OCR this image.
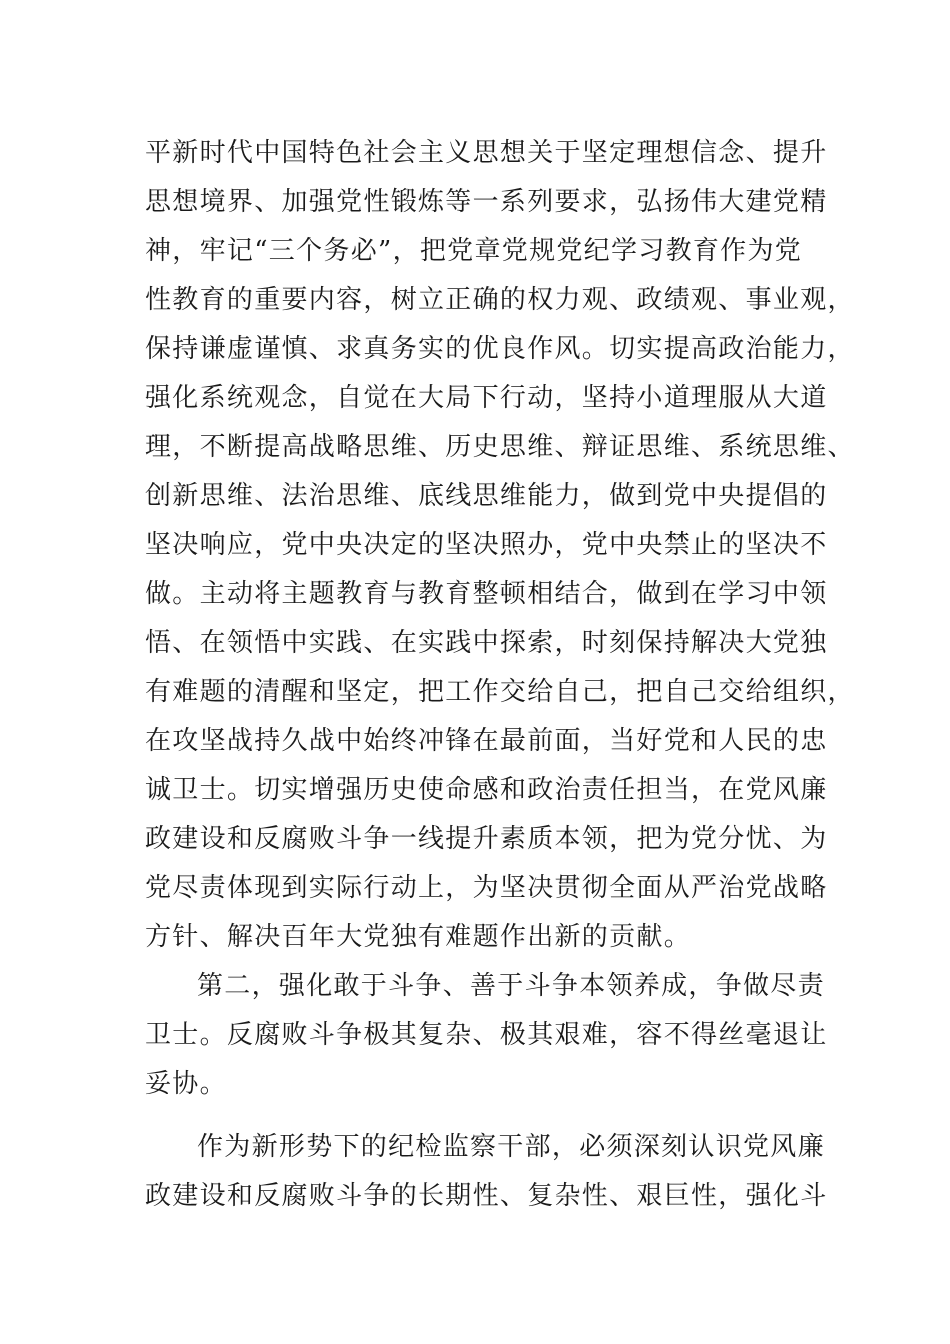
平新时代中国特色社会主义思想关于坚定理想信念、提升
思想境界、加强党性锻炼等一系列要求，弘扬伟大建党精
神，牢记“三个务必”，把党章党规党纪学习教育作为党
性教育的重要内容，树立正确的权力观、政绩观、事业观，
保持谦虚谨慎、求真务实的优良作风。切实提高政治能力，
强化系统观念，自觉在大局下行动，坚持小道理服从大道
理，不断提高战略思维、历史思维、辩证思维、系统思维、
创新思维、法治思维、底线思维能力，做到党中央提倡的
坚决响应，党中央决定的坚决照办，党中央禁止的坚决不
做。主动将主题教育与教育整顿相结合，做到在学习中领
悟、在领悟中实践、在实践中探索，时刻保持解决大党独
有难题的清醒和坚定，把工作交给自己，把自己交给组织，
在攻坚战持久战中始终冲锋在最前面，当好党和人民的忠
诚卫士。切实增强历史使命感和政治责任担当，在党风廉
政建设和反腐败斗争一线提升素质本领，把为党分忧、为
党尽责体现到实际行动上，为坚决贯彻全面从严治党战略
方针、解决百年大党独有难题作出新的贡献。
第二，强化敢于斗争、善于斗争本领养成，争做尽责
卫士。反腐败斗争极其复杂、极其艰难，容不得丝毫退让
妥协。
作为新形势下的纪检监察干部，必须深刻认识党风廉
政建设和反腐败斗争的长期性、复杂性、艰巨性，强化斗
